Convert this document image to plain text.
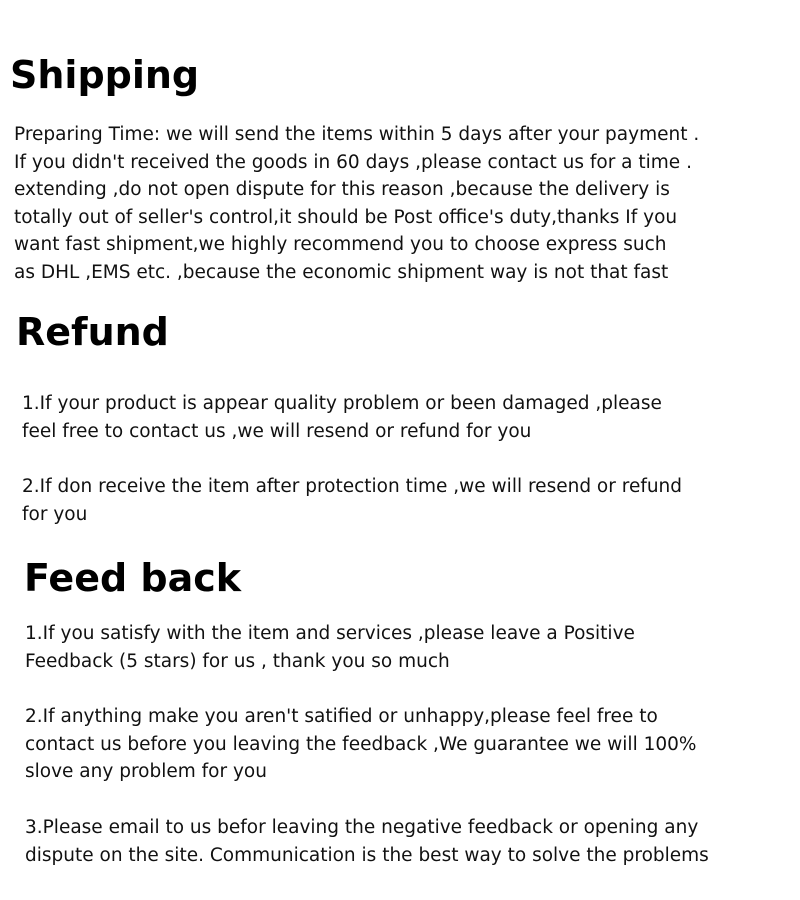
Shipping

Preparing Time: we will send the items within 5 days after your payment .
If you didn't received the goods in 60 days ,please contact us for a time .
extending ,do not open dispute for this reason ,because the delivery is
totally out of seller's control,it should be Post office's duty,thanks If you
want fast shipment,we highly recommend you to choose express such
as DHL ,EMS etc. ,because the economic shipment way is not that fast

Refund

1.If your product is appear quality problem or been damaged ,please
feel free to contact us ,we will resend or refund for you

2.If don receive the item after protection time ,we will resend or refund
for you

Feed back

1.If you satisfy with the item and services ,please leave a Positive
Feedback (5 stars) for us , thank you so much

2.If anything make you aren't satified or unhappy,please feel free to
contact us before you leaving the feedback ,We guarantee we will 100%
slove any problem for you

3.Please email to us befor leaving the negative feedback or opening any
dispute on the site. Communication is the best way to solve the problems
